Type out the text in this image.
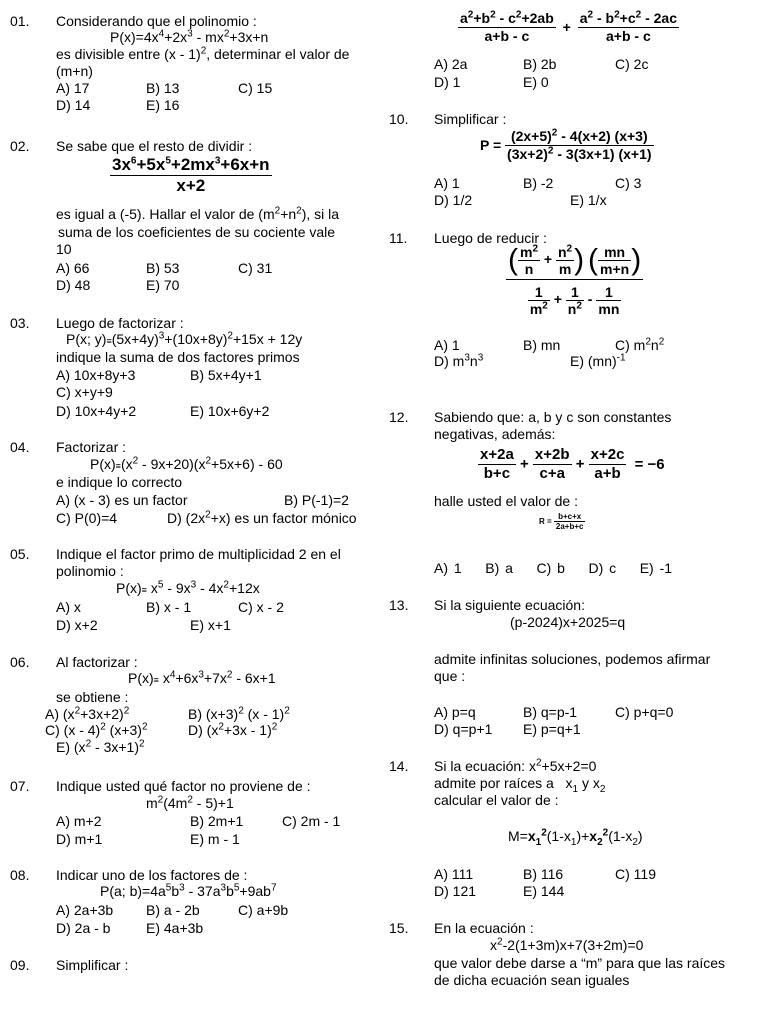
01. Considerando que el polinomio :
$P(x)=4x^4+2x^3 - mx^2+3x+n$
es divisible entre (x - 1)$^2$, determinar el valor de
(m+n)
A) 17	B) 13	C) 15
D) 14	E) 16
02. Se sabe que el resto de dividir :
$\frac{3x^6+5x^5+2mx^3+6x+n}{x+2}$
es igual a (-5). Hallar el valor de $(m^2+n^2)$, si la
suma de los coeficientes de su cociente vale
10
A) 66	B) 53	C) 31
D) 48	E) 70
03. Luego de factorizar :
P(x; $y)\equiv(5x+4y)^3+(10x+8y)^2+15x + 12y$
indique la suma de dos factores primos
A) 10x+8y+3	B) 5x+4y+1
C) x+y+9
D) 10x+4y+2	E) 10x+6y+2
04. Factorizar :
$P(x)\equiv(x^2 - 9x+20)(x^2+5x+6) - 60$
e indique lo correcto
A) (x - 3) es un factor	B) P(-1)=2
C) P(0)=4	D) $(2x^2+x)$ es un factor mónico
05. Indique el factor primo de multiplicidad 2 en el
polinomio :
$P(x)\equiv x^5 - 9x^3 - 4x^2+12x$
A) x	B) x - 1	C) x - 2
D) x+2	E) x+1
06. Al factorizar :
$P(x)\equiv x^4+6x^3+7x^2 - 6x+1$
se obtiene :
A) $(x^2+3x+2)^2$	B) $(x+3)^2$ (x - 1)$^2$
C) (x - 4)$^2$ $(x+3)^2$	D) $(x^2+3x - 1)^2$
E) $(x^2 - 3x+1)^2$
07. Indique usted qué factor no proviene de :
$m^2(4m^2 - 5)+1$
A) m+2	B) 2m+1	C) 2m - 1
D) m+1	E) m - 1
08. Indicar uno de los factores de :
P(a; $b)=4a^5b^3 - 37a^3b^5+9ab^7$
A) 2a+3b B) a - 2b	C) a+9b
D) 2a - b	E) 4a+3b
09. Simplificar :
$\frac{a^2+b^2 - c^2+2ab}{a+b - c} + \frac{a^2 - b^2+c^2 - 2ac}{a+b - c}$
A) 2a	B) 2b	C) 2c
D) 1	E) 0
10. Simplificar :
$P = \frac{(2x+5)^2 - 4(x+2) (x+3)}{(3x+2)^2 - 3(3x+1) (x+1)}$
A) 1	B) -2	C) 3
D) 1/2	E) 1/x
11. Luego de reducir :
$\frac{( \frac{m^2}{n} + \frac{n^2}{m} ) ( \frac{mn}{m+n} )}{\frac{1}{m^2} + \frac{1}{n^2} - \frac{1}{mn}}$
A) 1	B) mn	C) $m^2n^2$
D) $m^3n^3$	E) (mn)$^{-1}$
12. Sabiendo que: a, b y c son constantes
negativas, además:
$\frac{x+2a}{b+c} + \frac{x+2b}{c+a} + \frac{x+2c}{a+b} = -6$
halle usted el valor de :
$R = \frac{b+c+x}{2a+b+c}$
A) 1    B) a    C) b    D) c    E) -1
13. Si la siguiente ecuación:
(p-2024)x+2025=q
admite infinitas soluciones, podemos afirmar
que :
A) p=q	B) q=p-1	C) p+q=0
D) q=p+1 E) p=q+1
14. Si la ecuación: $x^2+5x+2=0$
admite por raíces a   $x_1$ y $x_2$
calcular el valor de :
$M=x_1^2(1-x_1)+x_2^2(1-x_2)$
A) 111	B) 116	C) 119
D) 121	E) 144
15. En la ecuación :
$x^2-2(1+3m)x+7(3+2m)=0$
que valor debe darse a “m” para que las raíces
de dicha ecuación sean iguales
